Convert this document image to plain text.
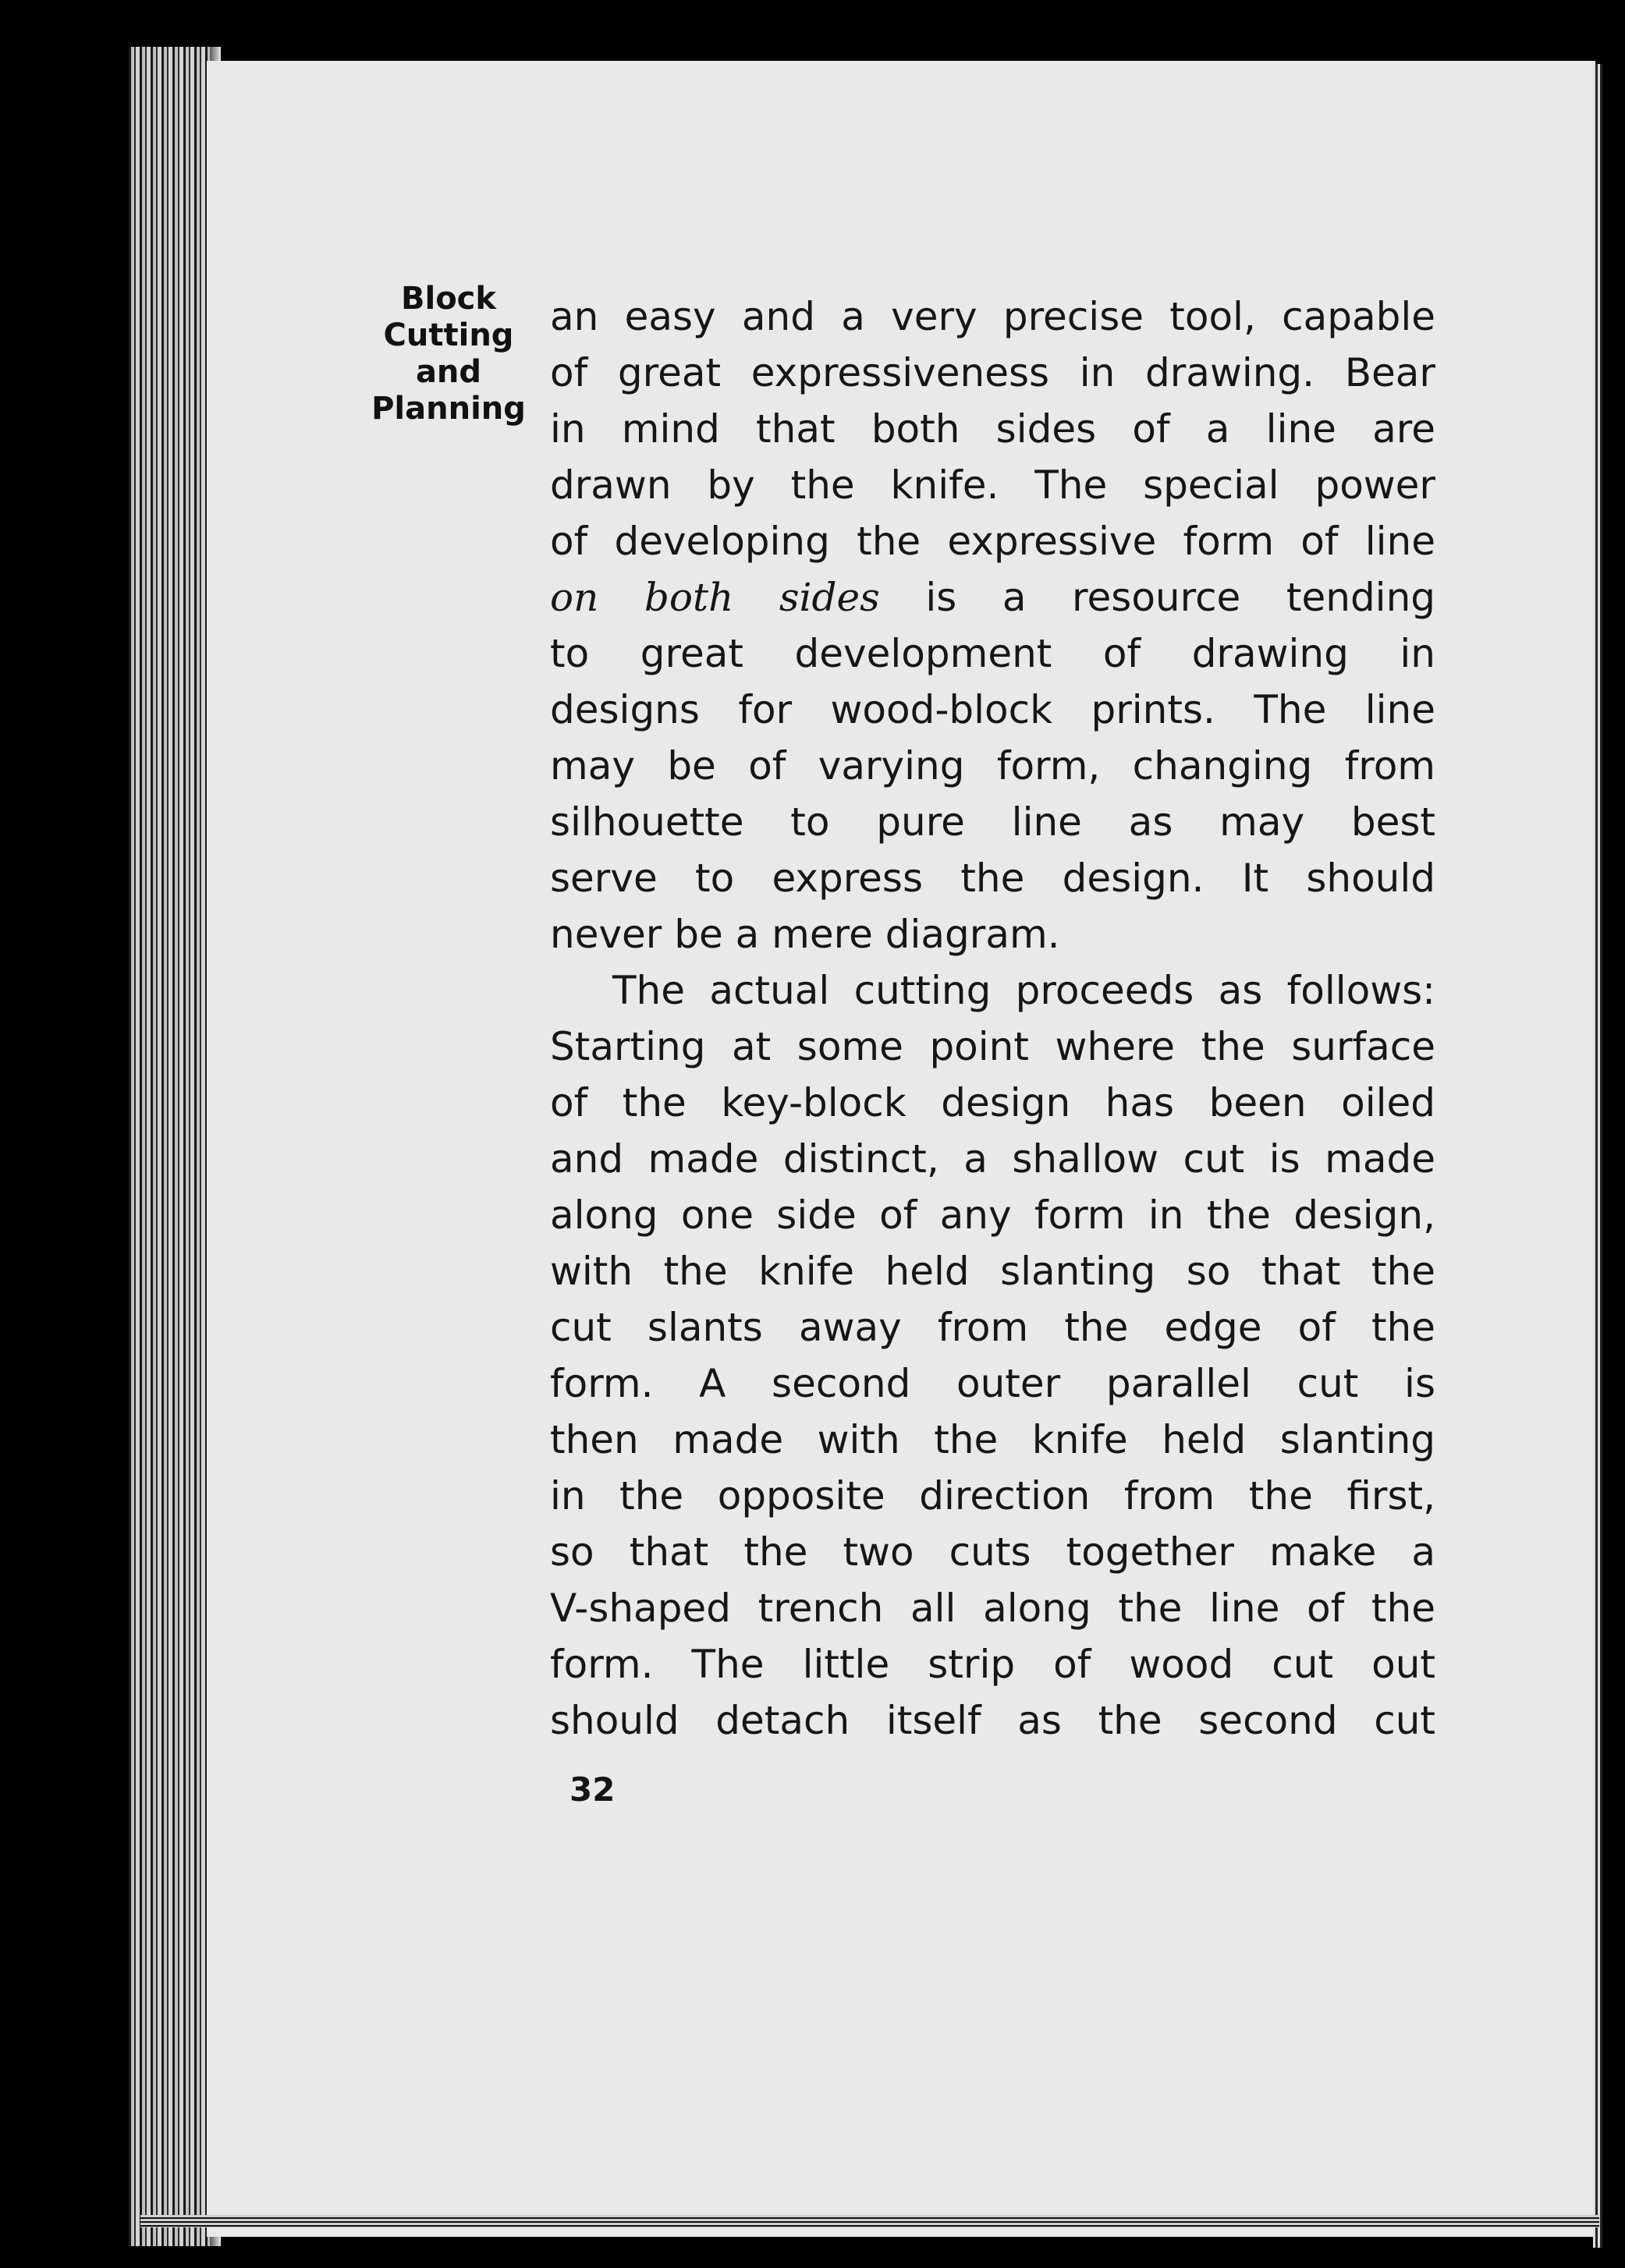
Block
Cutting
and
Planning
an easy and a very precise tool, capable
of great expressiveness in drawing. Bear
in mind that both sides of a line are
drawn by the knife. The special power
of developing the expressive form of line
on both sides is a resource tending
to great development of drawing in
designs for wood-block prints. The line
may be of varying form, changing from
silhouette to pure line as may best
serve to express the design. It should
never be a mere diagram.
The actual cutting proceeds as follows:
Starting at some point where the surface
of the key-block design has been oiled
and made distinct, a shallow cut is made
along one side of any form in the design,
with the knife held slanting so that the
cut slants away from the edge of the
form. A second outer parallel cut is
then made with the knife held slanting
in the opposite direction from the first,
so that the two cuts together make a
V-shaped trench all along the line of the
form. The little strip of wood cut out
should detach itself as the second cut
32
